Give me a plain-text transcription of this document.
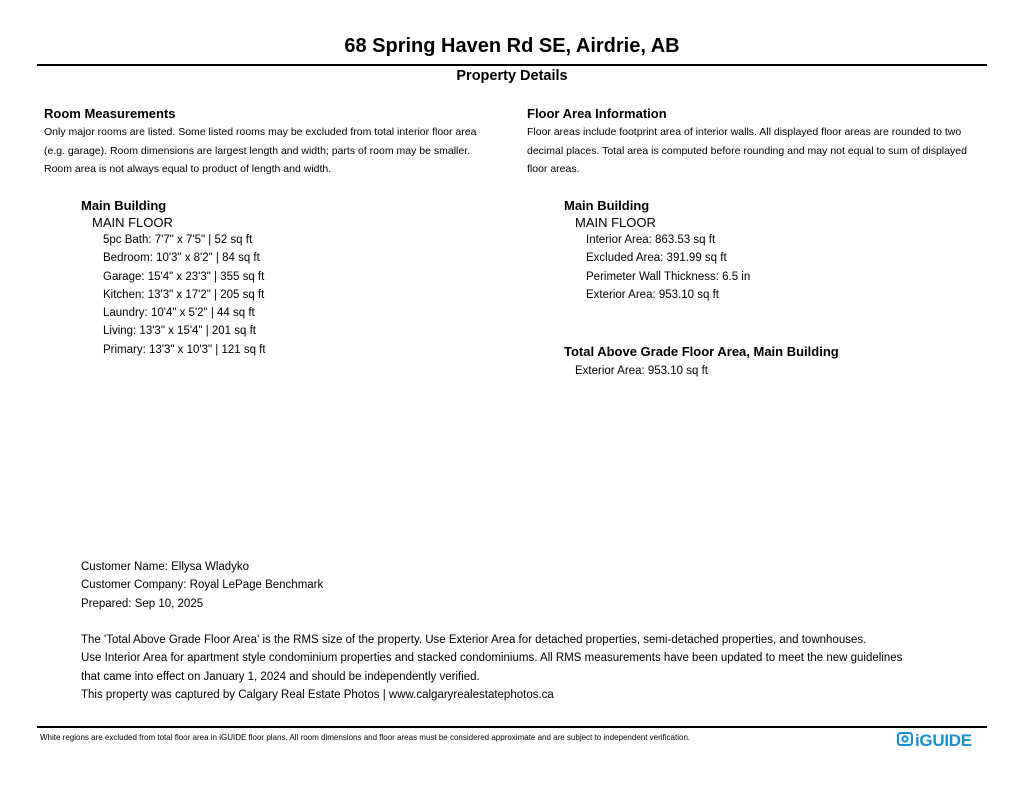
68 Spring Haven Rd SE, Airdrie, AB
Property Details
Room Measurements
Only major rooms are listed. Some listed rooms may be excluded from total interior floor area
(e.g. garage). Room dimensions are largest length and width; parts of room may be smaller.
Room area is not always equal to product of length and width.
Main Building
MAIN FLOOR
5pc Bath: 7'7" x 7'5" | 52 sq ft
Bedroom: 10'3" x 8'2" | 84 sq ft
Garage: 15'4" x 23'3" | 355 sq ft
Kitchen: 13'3" x 17'2" | 205 sq ft
Laundry: 10'4" x 5'2" | 44 sq ft
Living: 13'3" x 15'4" | 201 sq ft
Primary: 13'3" x 10'3" | 121 sq ft
Floor Area Information
Floor areas include footprint area of interior walls. All displayed floor areas are rounded to two
decimal places. Total area is computed before rounding and may not equal to sum of displayed
floor areas.
Main Building
MAIN FLOOR
Interior Area: 863.53 sq ft
Excluded Area: 391.99 sq ft
Perimeter Wall Thickness: 6.5 in
Exterior Area: 953.10 sq ft
Total Above Grade Floor Area, Main Building
Exterior Area: 953.10 sq ft
Customer Name: Ellysa Wladyko
Customer Company: Royal LePage Benchmark
Prepared: Sep 10, 2025
The 'Total Above Grade Floor Area' is the RMS size of the property. Use Exterior Area for detached properties, semi-detached properties, and townhouses.
Use Interior Area for apartment style condominium properties and stacked condominiums. All RMS measurements have been updated to meet the new guidelines
that came into effect on January 1, 2024 and should be independently verified.
This property was captured by Calgary Real Estate Photos | www.calgaryrealestatephotos.ca
White regions are excluded from total floor area in iGUIDE floor plans. All room dimensions and floor areas must be considered approximate and are subject to independent verification.	iGUIDE
